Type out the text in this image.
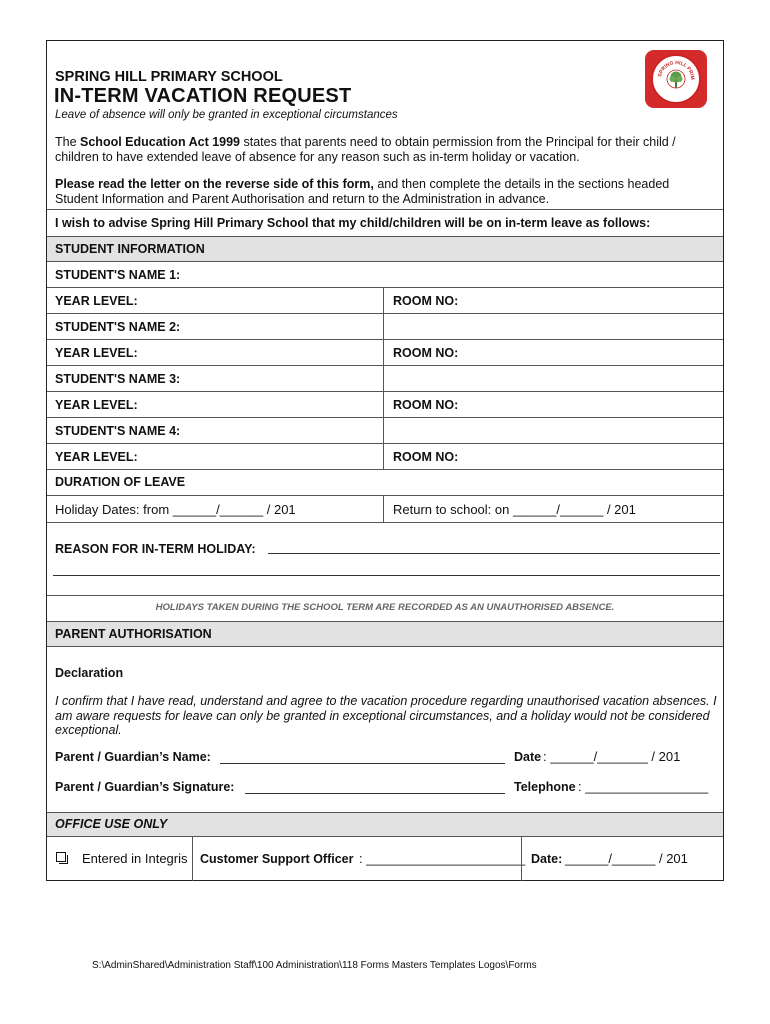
SPRING HILL PRIMARY SCHOOL
IN-TERM VACATION REQUEST
Leave of absence will only be granted in exceptional circumstances
SPRING HILL PRIM
The School Education Act 1999 states that parents need to obtain permission from the Principal for their child / children to have extended leave of absence for any reason such as in-term holiday or vacation.
Please read the letter on the reverse side of this form, and then complete the details in the sections headed Student Information and Parent Authorisation and return to the Administration in advance.
I wish to advise Spring Hill Primary School that my child/children will be on in-term leave as follows:
STUDENT INFORMATION
STUDENT'S NAME 1:
YEAR LEVEL:	ROOM NO:
STUDENT'S NAME 2:
YEAR LEVEL:	ROOM NO:
STUDENT'S NAME 3:
YEAR LEVEL:	ROOM NO:
STUDENT'S NAME 4:
YEAR LEVEL:	ROOM NO:
DURATION OF LEAVE
Holiday Dates: from ______/______ / 201	Return to school: on ______/______ / 201
REASON FOR IN-TERM HOLIDAY:
HOLIDAYS TAKEN DURING THE SCHOOL TERM ARE RECORDED AS AN UNAUTHORISED ABSENCE.
PARENT AUTHORISATION
Declaration
I confirm that I have read, understand and agree to the vacation procedure regarding unauthorised vacation absences. I am aware requests for leave can only be granted in exceptional circumstances, and a holiday would not be considered exceptional.
Parent / Guardian’s Name:	Date : ______/_______ / 201
Parent / Guardian’s Signature:	Telephone : _________________
OFFICE USE ONLY
Entered in Integris Customer Support Officer : ______________________ Date: ______/______ / 201
S:\AdminShared\Administration Staff\100 Administration\118 Forms Masters Templates Logos\Forms
